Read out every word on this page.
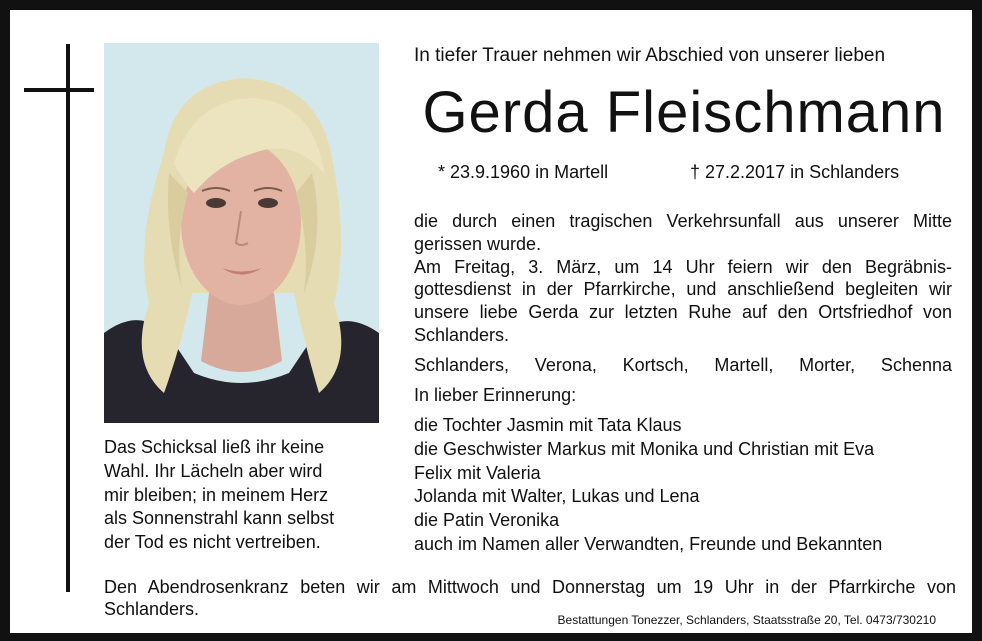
In tiefer Trauer nehmen wir Abschied von unserer lieben
Gerda Fleischmann
* 23.9.1960 in Martell	† 27.2.2017 in Schlanders

die durch einen tragischen Verkehrsunfall aus unserer Mitte gerissen wurde.

Am Freitag, 3. März, um 14 Uhr feiern wir den Begräbnis-gottesdienst in der Pfarrkirche, und anschließend begleiten wir unsere liebe Gerda zur letzten Ruhe auf den Ortsfriedhof von Schlanders.

Schlanders, Verona, Kortsch, Martell, Morter, Schenna
In lieber Erinnerung:
die Tochter Jasmin mit Tata Klaus
die Geschwister Markus mit Monika und Christian mit Eva
Felix mit Valeria
Jolanda mit Walter, Lukas und Lena
die Patin Veronika
auch im Namen aller Verwandten, Freunde und Bekannten
Das Schicksal ließ ihr keine
Wahl. Ihr Lächeln aber wird
mir bleiben; in meinem Herz
als Sonnenstrahl kann selbst
der Tod es nicht vertreiben.
Den Abendrosenkranz beten wir am Mittwoch und Donnerstag um 19 Uhr in der Pfarrkirche von Schlanders.
Bestattungen Tonezzer, Schlanders, Staatsstraße 20, Tel. 0473/730210
